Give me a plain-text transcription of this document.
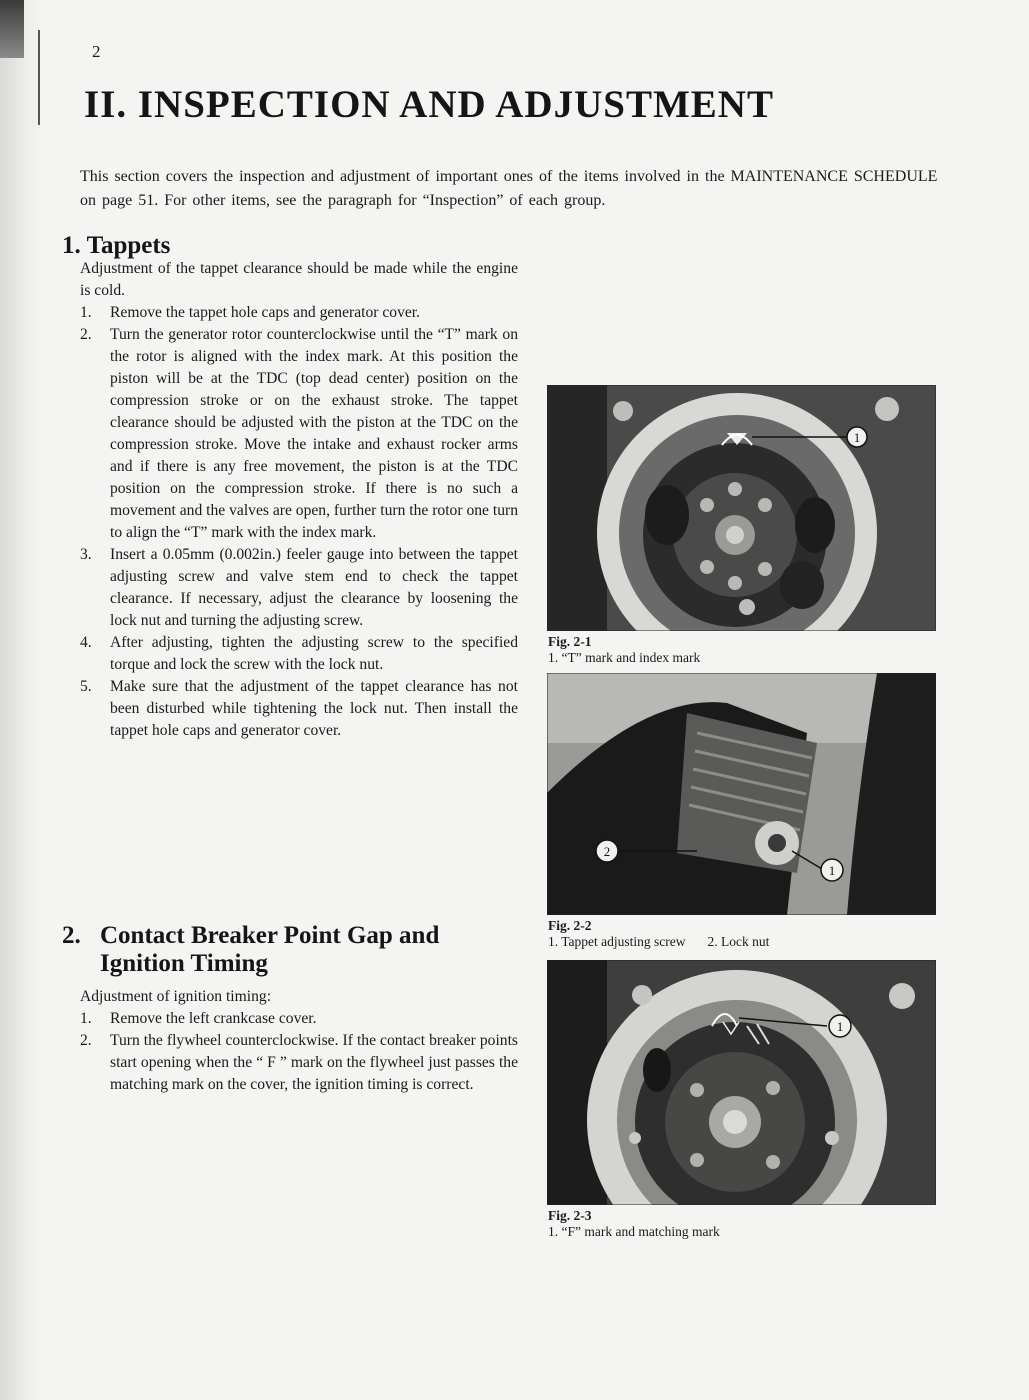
2
II. INSPECTION AND ADJUSTMENT

This section covers the inspection and adjustment of important ones of the items involved in the MAINTENANCE SCHEDULE on page 51. For other items, see the paragraph for “Inspection” of each group.

1. Tappets

Adjustment of the tappet clearance should be made while the engine is cold.

1. Remove the tappet hole caps and generator cover.
2. Turn the generator rotor counterclockwise until the “T” mark on the rotor is aligned with the index mark. At this position the piston will be at the TDC (top dead center) position on the compression stroke or on the exhaust stroke. The tappet clearance should be adjusted with the piston at the TDC on the compression stroke. Move the intake and exhaust rocker arms and if there is any free movement, the piston is at the TDC position on the compression stroke. If there is no such a movement and the valves are open, further turn the rotor one turn to align the “T” mark with the index mark.
3. Insert a 0.05mm (0.002in.) feeler gauge into between the tappet adjusting screw and valve stem end to check the tappet clearance. If necessary, adjust the clearance by loosening the lock nut and turning the adjusting screw.
4. After adjusting, tighten the adjusting screw to the specified torque and lock the screw with the lock nut.
5. Make sure that the adjustment of the tappet clearance has not been disturbed while tightening the lock nut. Then install the tappet hole caps and generator cover.
2. Contact Breaker Point Gap and
Ignition Timing

Adjustment of ignition timing:

1. Remove the left crankcase cover.
2. Turn the flywheel counterclockwise. If the contact breaker points start opening when the “ F ” mark on the flywheel just passes the matching mark on the cover, the ignition timing is correct.
1
Fig. 2-1
1. “T” mark and index mark
2
1
Fig. 2-2
1. Tappet adjusting screw 2. Lock nut
1
Fig. 2-3
1. “F” mark and matching mark
